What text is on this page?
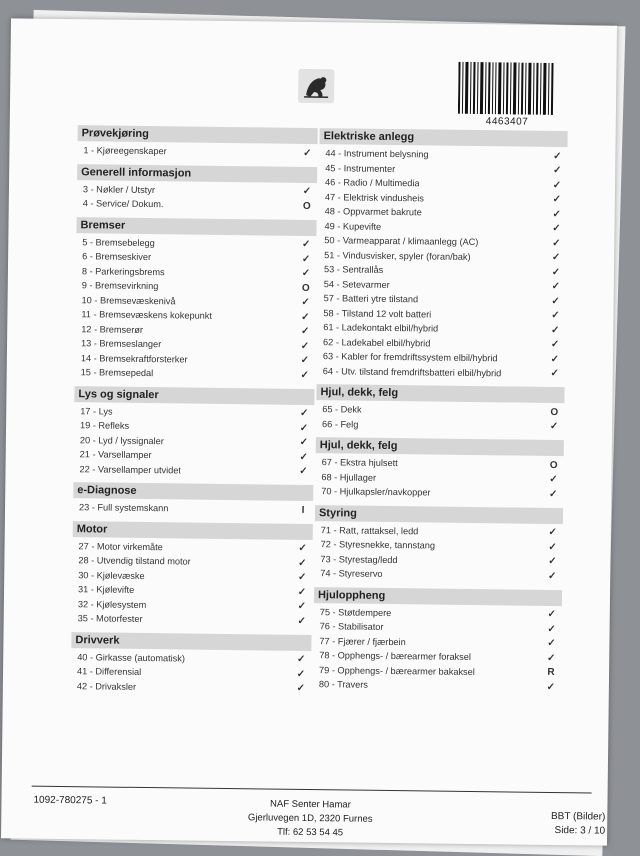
4463407
Prøvekjøring
1 - Kjøreegenskaper	✓
Generell informasjon
3 - Nøkler / Utstyr	✓
4 - Service/ Dokum.	O
Bremser
5 - Bremsebelegg	✓
6 - Bremseskiver	✓
8 - Parkeringsbrems	✓
9 - Bremsevirkning	O
10 - Bremsevæskenivå	✓
11 - Bremsevæskens kokepunkt	✓
12 - Bremserør	✓
13 - Bremseslanger	✓
14 - Bremsekraftforsterker	✓
15 - Bremsepedal	✓
Lys og signaler
17 - Lys	✓
19 - Refleks	✓
20 - Lyd / lyssignaler	✓
21 - Varsellamper	✓
22 - Varsellamper utvidet	✓
e-Diagnose
23 - Full systemskann	I
Motor
27 - Motor virkemåte	✓
28 - Utvendig tilstand motor	✓
30 - Kjølevæske	✓
31 - Kjølevifte	✓
32 - Kjølesystem	✓
35 - Motorfester	✓
Drivverk
40 - Girkasse (automatisk)	✓
41 - Differensial	✓
42 - Drivaksler	✓
Elektriske anlegg
44 - Instrument belysning	✓
45 - Instrumenter	✓
46 - Radio / Multimedia	✓
47 - Elektrisk vindusheis	✓
48 - Oppvarmet bakrute	✓
49 - Kupevifte	✓
50 - Varmeapparat / klimaanlegg (AC)	✓
51 - Vindusvisker, spyler (foran/bak)	✓
53 - Sentrallås	✓
54 - Setevarmer	✓
57 - Batteri ytre tilstand	✓
58 - Tilstand 12 volt batteri	✓
61 - Ladekontakt elbil/hybrid	✓
62 - Ladekabel elbil/hybrid	✓
63 - Kabler for fremdriftssystem elbil/hybrid	✓
64 - Utv. tilstand fremdriftsbatteri elbil/hybrid	✓
Hjul, dekk, felg
65 - Dekk	O
66 - Felg	✓
Hjul, dekk, felg
67 - Ekstra hjulsett	O
68 - Hjullager	✓
70 - Hjulkapsler/navkopper	✓
Styring
71 - Ratt, rattaksel, ledd	✓
72 - Styresnekke, tannstang	✓
73 - Styrestag/ledd	✓
74 - Styreservo	✓
Hjuloppheng
75 - Støtdempere	✓
76 - Stabilisator	✓
77 - Fjærer / fjærbein	✓
78 - Opphengs- / bærearmer foraksel	✓
79 - Opphengs- / bærearmer bakaksel	R
80 - Travers	✓
1092-780275 - 1	NAF Senter Hamar
Gjerluvegen 1D, 2320 Furnes
Tlf: 62 53 54 45
BBT (Bilder)
Side: 3 / 10
